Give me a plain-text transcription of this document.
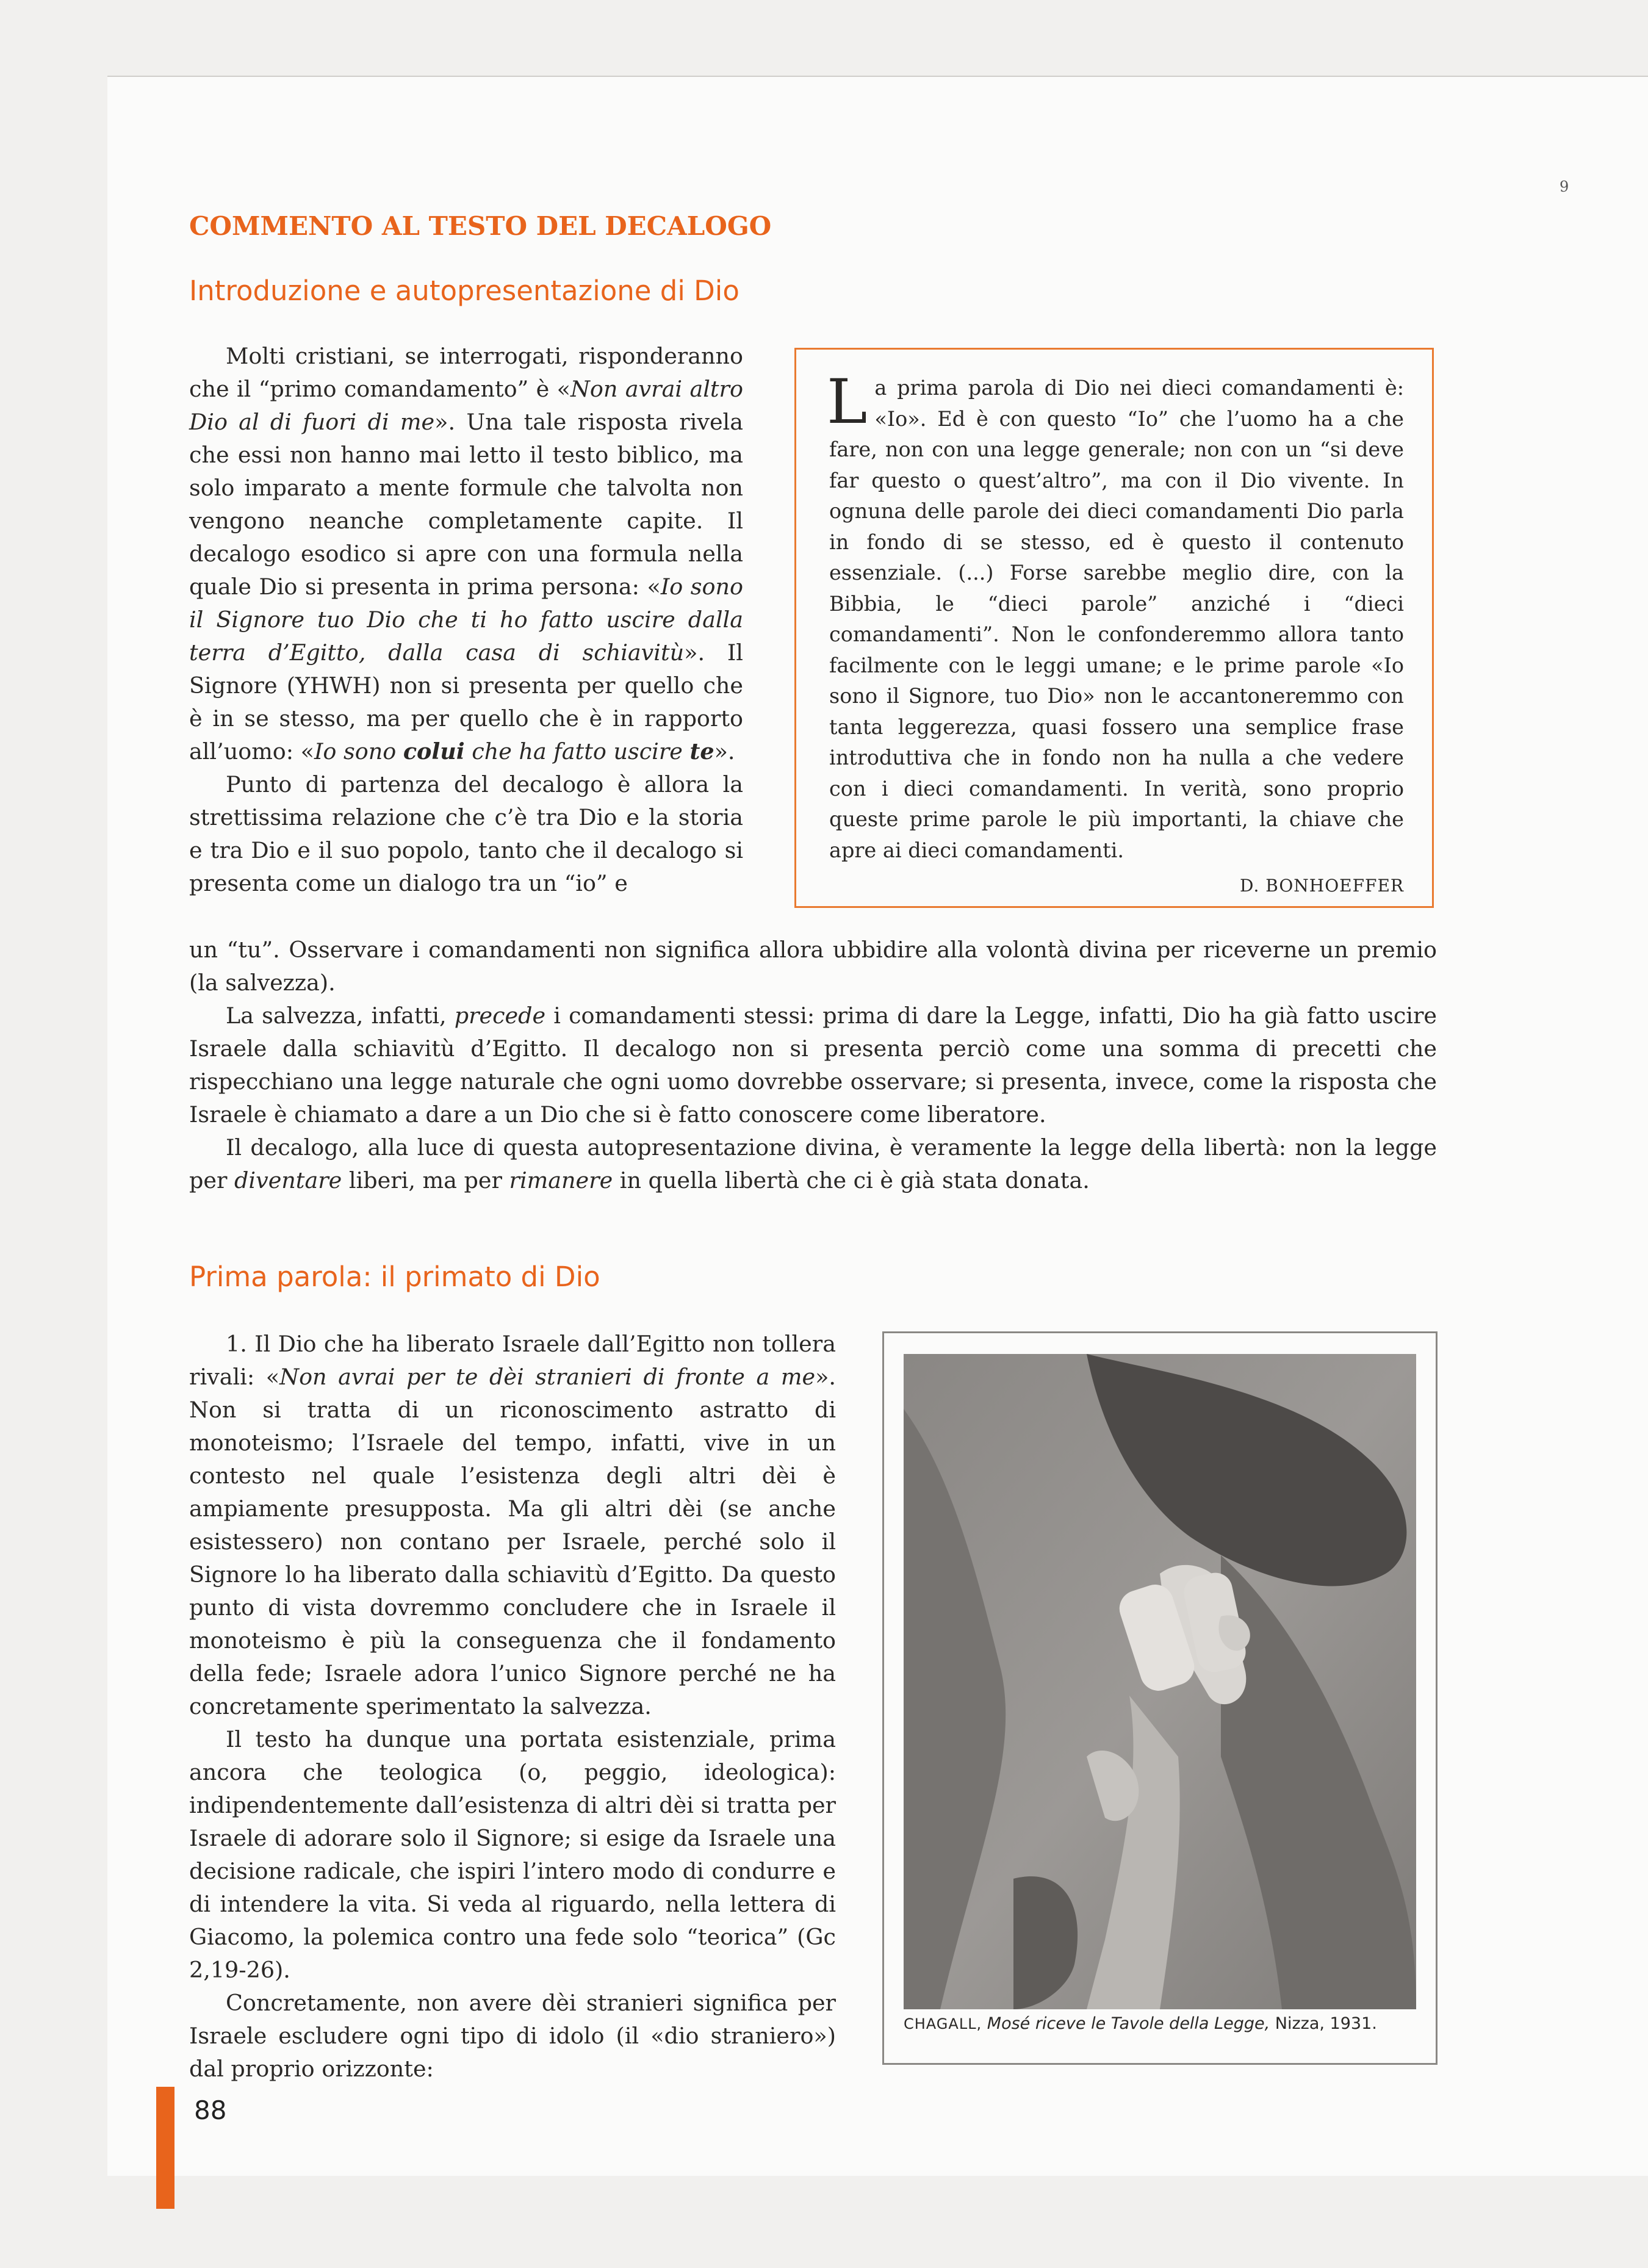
9
COMMENTO AL TESTO DEL DECALOGO
Introduzione e autopresentazione di Dio

Molti cristiani, se interrogati, risponderanno che il “primo comandamento” è «Non avrai altro Dio al di fuori di me». Una tale risposta rivela che essi non hanno mai letto il testo biblico, ma solo imparato a mente formule che talvolta non vengono neanche completamente capite. Il decalogo esodico si apre con una formula nella quale Dio si presenta in prima persona: «Io sono il Signore tuo Dio che ti ho fatto uscire dalla terra d’Egitto, dalla casa di schiavitù». Il Signore (YHWH) non si presenta per quello che è in se stesso, ma per quello che è in rapporto all’uomo: «Io sono colui che ha fatto uscire te».

Punto di partenza del decalogo è allora la strettissima relazione che c’è tra Dio e la storia e tra Dio e il suo popolo, tanto che il decalogo si presenta come un dialogo tra un “io” e

un “tu”. Osservare i comandamenti non significa allora ubbidire alla volontà divina per riceverne un premio (la salvezza).

La salvezza, infatti, precede i comandamenti stessi: prima di dare la Legge, infatti, Dio ha già fatto uscire Israele dalla schiavitù d’Egitto. Il decalogo non si presenta perciò come una somma di precetti che rispecchiano una legge naturale che ogni uomo dovrebbe osservare; si presenta, invece, come la risposta che Israele è chiamato a dare a un Dio che si è fatto conoscere come liberatore.

Il decalogo, alla luce di questa autopresentazione divina, è veramente la legge della libertà: non la legge per diventare liberi, ma per rimanere in quella libertà che ci è già stata donata.

La prima parola di Dio nei dieci comandamenti è: «Io». Ed è con questo “Io” che l’uomo ha a che fare, non con una legge generale; non con un “si deve far questo o quest’altro”, ma con il Dio vivente. In ognuna delle parole dei dieci comandamenti Dio parla in fondo di se stesso, ed è questo il contenuto essenziale. (...) Forse sarebbe meglio dire, con la Bibbia, le “dieci parole” anziché i “dieci comandamenti”. Non le confonderemmo allora tanto facilmente con le leggi umane; e le prime parole «Io sono il Signore, tuo Dio» non le accantoneremmo con tanta leggerezza, quasi fossero una semplice frase introduttiva che in fondo non ha nulla a che vedere con i dieci comandamenti. In verità, sono proprio queste prime parole le più importanti, la chiave che apre ai dieci comandamenti.
D. BONHOEFFER
Prima parola: il primato di Dio

1. Il Dio che ha liberato Israele dall’Egitto non tollera rivali: «Non avrai per te dèi stranieri di fronte a me». Non si tratta di un riconoscimento astratto di monoteismo; l’Israele del tempo, infatti, vive in un contesto nel quale l’esistenza degli altri dèi è ampiamente presupposta. Ma gli altri dèi (se anche esistessero) non contano per Israele, perché solo il Signore lo ha liberato dalla schiavitù d’Egitto. Da questo punto di vista dovremmo concludere che in Israele il monoteismo è più la conseguenza che il fondamento della fede; Israele adora l’unico Signore perché ne ha concretamente sperimentato la salvezza.

Il testo ha dunque una portata esistenziale, prima ancora che teologica (o, peggio, ideologica): indipendentemente dall’esistenza di altri dèi si tratta per Israele di adorare solo il Signore; si esige da Israele una decisione radicale, che ispiri l’intero modo di condurre e di intendere la vita. Si veda al riguardo, nella lettera di Giacomo, la polemica contro una fede solo “teorica” (Gc 2,19-26).

Concretamente, non avere dèi stranieri significa per Israele escludere ogni tipo di idolo (il «dio straniero») dal proprio orizzonte:

CHAGALL, Mosé riceve le Tavole della Legge, Nizza, 1931.
88
